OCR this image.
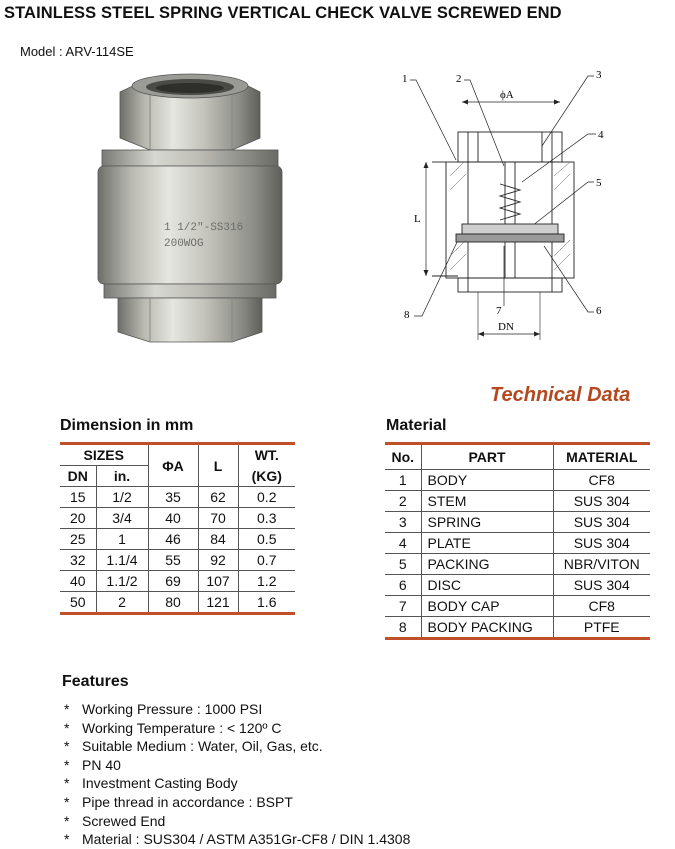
STAINLESS STEEL SPRING VERTICAL CHECK VALVE SCREWED END
Model : ARV-114SE
1 1/2"-SS316
200WOG
1	2	3
4
5
6
7
8
ϕA
L
DN
Technical Data
Dimension in mm
SIZES		ΦA	L	WT.
DN	in.			(KG)
15	1/2	35	62	0.2
20	3/4	40	70	0.3
25	1	46	84	0.5
32	1.1/4	55	92	0.7
40	1.1/2	69	107	1.2
50	2	80	121	1.6
Material
No.	PART	MATERIAL
1	BODY	CF8
2	STEM	SUS 304
3	SPRING	SUS 304
4	PLATE	SUS 304
5	PACKING	NBR/VITON
6	DISC	SUS 304
7	BODY CAP	CF8
8	BODY PACKING	PTFE
Features
* Working Pressure : 1000 PSI
* Working Temperature : < 120º C
* Suitable Medium : Water, Oil, Gas, etc.
* PN 40
* Investment Casting Body
* Pipe thread in accordance : BSPT
* Screwed End
* Material : SUS304 / ASTM A351Gr-CF8 / DIN 1.4308
